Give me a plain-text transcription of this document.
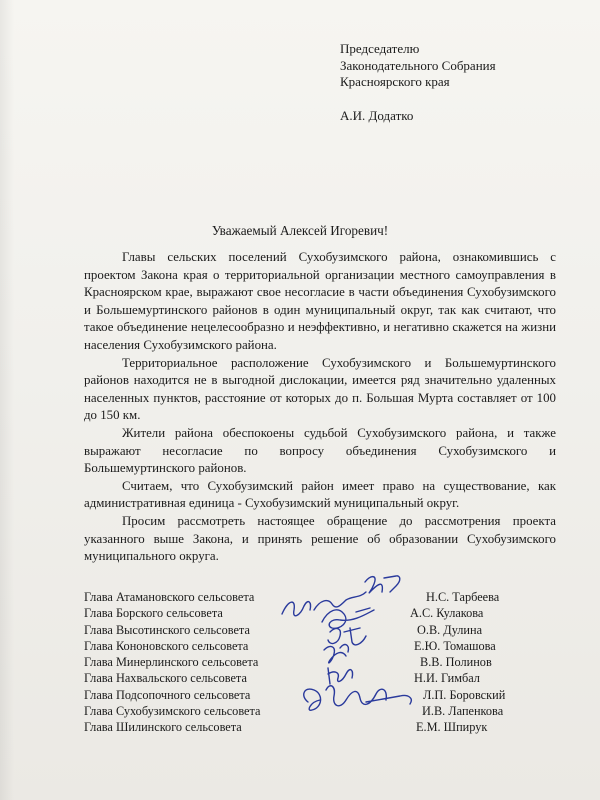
Председателю
Законодательного Собрания
Красноярского края
А.И. Додатко
Уважаемый Алексей Игоревич!

Главы сельских поселений Сухобузимского района, ознакомившись с проектом Закона края о территориальной организации местного самоуправления в Красноярском крае, выражают свое несогласие в части объединения Сухобузимского и Большемуртинского районов в один муниципальный округ, так как считают, что такое объединение нецелесообразно и неэффективно, и негативно скажется на жизни населения Сухобузимского района.

Территориальное расположение Сухобузимского и Большемуртинского районов находится не в выгодной дислокации, имеется ряд значительно удаленных населенных пунктов, расстояние от которых до п. Большая Мурта составляет от 100 до 150 км.

Жители района обеспокоены судьбой Сухобузимского района, и также выражают несогласие по вопросу объединения Сухобузимского и Большемуртинского районов.

Считаем, что Сухобузимский район имеет право на существование, как административная единица - Сухобузимский муниципальный округ.

Просим рассмотреть настоящее обращение до рассмотрения проекта указанного выше Закона, и принять решение об образовании Сухобузимского муниципального округа.

Глава Атамановского сельсовета	Н.С. Тарбеева
Глава Борского сельсовета	А.С. Кулакова
Глава Высотинского сельсовета	О.В. Дулина
Глава Кононовского сельсовета	Е.Ю. Томашова
Глава Минерлинского сельсовета	В.В. Полинов
Глава Нахвальского сельсовета	Н.И. Гимбал
Глава Подсопочного сельсовета	Л.П. Боровский
Глава Сухобузимского сельсовета	И.В. Лапенкова
Глава Шилинского сельсовета	Е.М. Шпирук
